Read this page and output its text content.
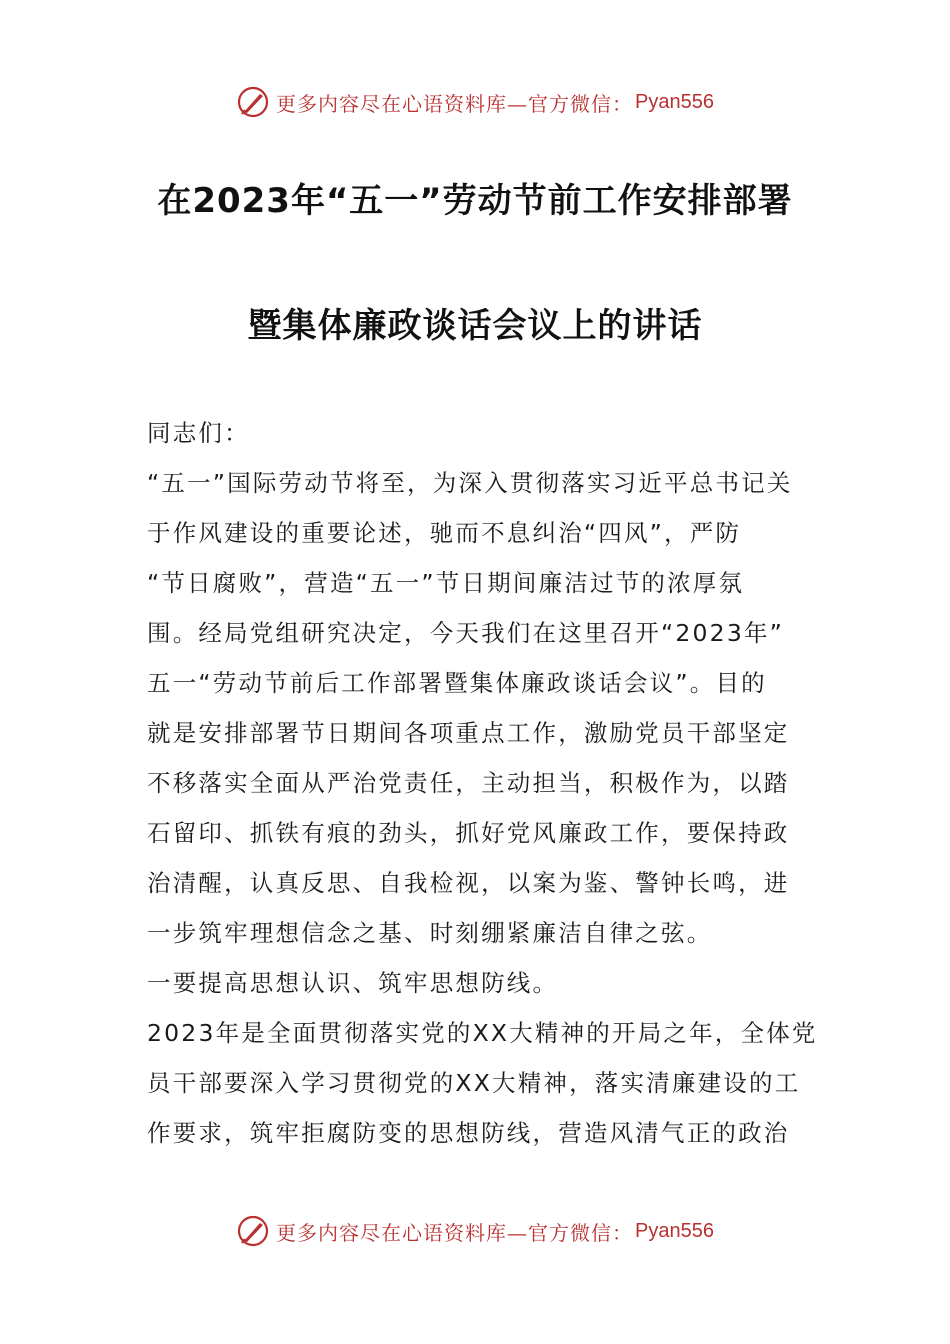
更多内容尽在心语资料库—官方微信： Pyan556
在2023年“五一”劳动节前工作安排部署
暨集体廉政谈话会议上的讲话
同志们：
“五一”国际劳动节将至，为深入贯彻落实习近平总书记关
于作风建设的重要论述，驰而不息纠治“四风”，严防
“节日腐败”，营造“五一”节日期间廉洁过节的浓厚氛
围。经局党组研究决定，今天我们在这里召开“2023年”
五一“劳动节前后工作部署暨集体廉政谈话会议”。目的
就是安排部署节日期间各项重点工作，激励党员干部坚定
不移落实全面从严治党责任，主动担当，积极作为，以踏
石留印、抓铁有痕的劲头，抓好党风廉政工作，要保持政
治清醒，认真反思、自我检视，以案为鉴、警钟长鸣，进
一步筑牢理想信念之基、时刻绷紧廉洁自律之弦。
一要提高思想认识、筑牢思想防线。
2023年是全面贯彻落实党的XX大精神的开局之年，全体党
员干部要深入学习贯彻党的XX大精神，落实清廉建设的工
作要求，筑牢拒腐防变的思想防线，营造风清气正的政治
更多内容尽在心语资料库—官方微信： Pyan556
